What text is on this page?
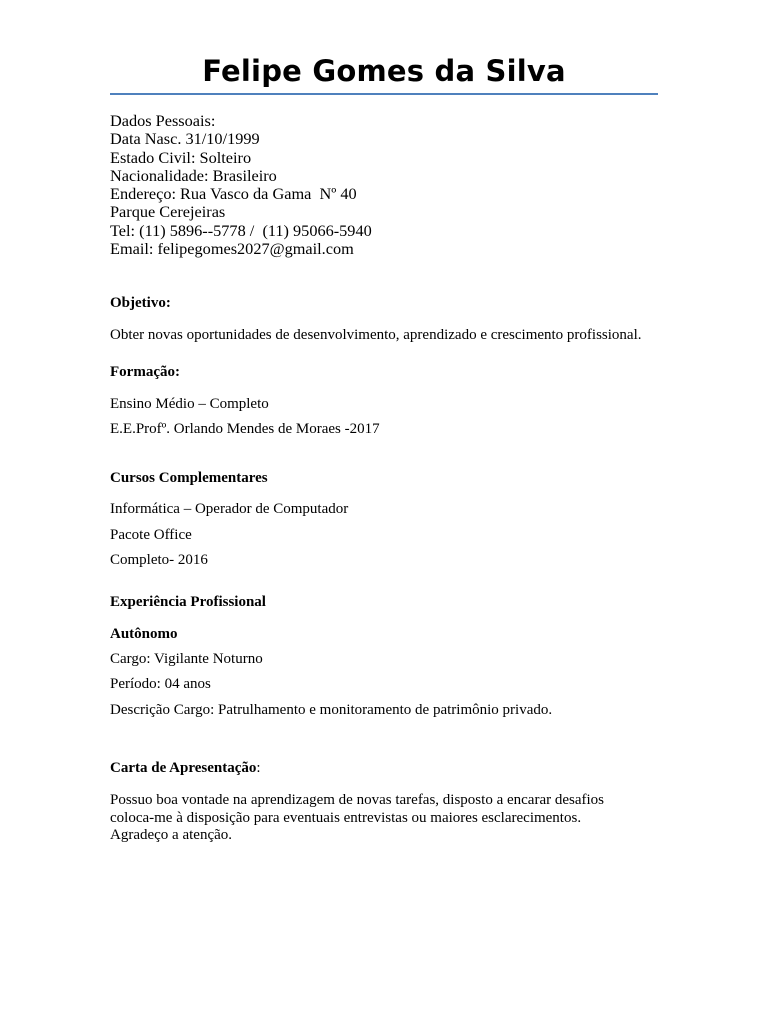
Felipe Gomes da Silva
Dados Pessoais:
Data Nasc. 31/10/1999
Estado Civil: Solteiro
Nacionalidade: Brasileiro
Endereço: Rua Vasco da Gama  Nº 40
Parque Cerejeiras
Tel: (11) 5896--5778 /  (11) 95066-5940
Email: felipegomes2027@gmail.com
Objetivo:
Obter novas oportunidades de desenvolvimento, aprendizado e crescimento profissional.
Formação:
Ensino Médio – Completo
E.E.Profº. Orlando Mendes de Moraes -2017
Cursos Complementares
Informática – Operador de Computador
Pacote Office
Completo- 2016
Experiência Profissional
Autônomo
Cargo: Vigilante Noturno
Período: 04 anos
Descrição Cargo: Patrulhamento e monitoramento de patrimônio privado.
Carta de Apresentação:
Possuo boa vontade na aprendizagem de novas tarefas, disposto a encarar desafios
coloca-me à disposição para eventuais entrevistas ou maiores esclarecimentos.
Agradeço a atenção.
